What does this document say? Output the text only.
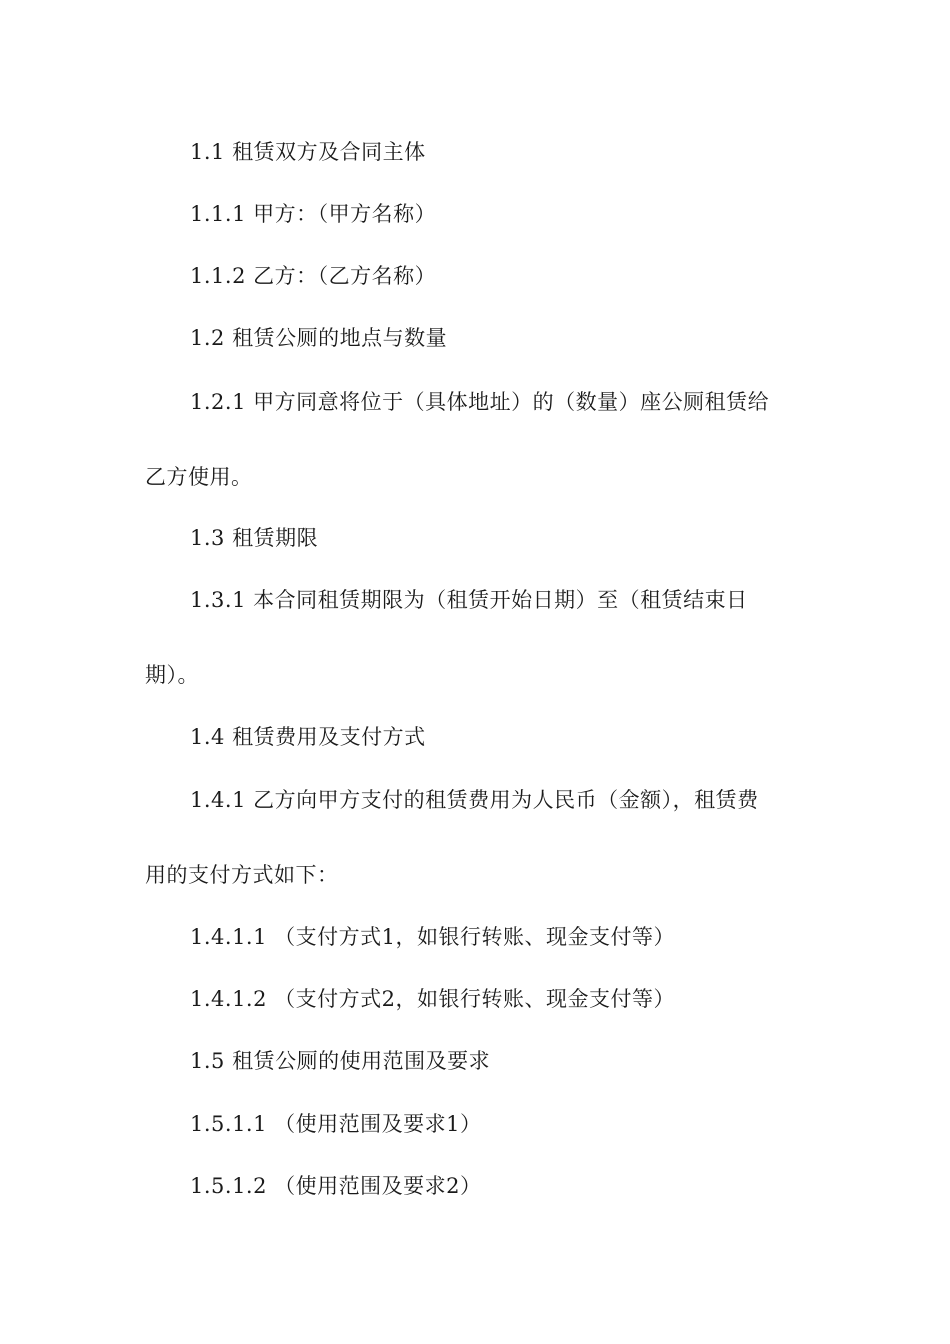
1.1 租赁双方及合同主体
1.1.1 甲方：（甲方名称）
1.1.2 乙方：（乙方名称）
1.2 租赁公厕的地点与数量
1.2.1 甲方同意将位于（具体地址）的（数量）座公厕租赁给
乙方使用。
1.3 租赁期限
1.3.1 本合同租赁期限为（租赁开始日期）至（租赁结束日
期）。
1.4 租赁费用及支付方式
1.4.1 乙方向甲方支付的租赁费用为人民币（金额），租赁费
用的支付方式如下：
1.4.1.1 （支付方式1，如银行转账、现金支付等）
1.4.1.2 （支付方式2，如银行转账、现金支付等）
1.5 租赁公厕的使用范围及要求
1.5.1.1 （使用范围及要求1）
1.5.1.2 （使用范围及要求2）
